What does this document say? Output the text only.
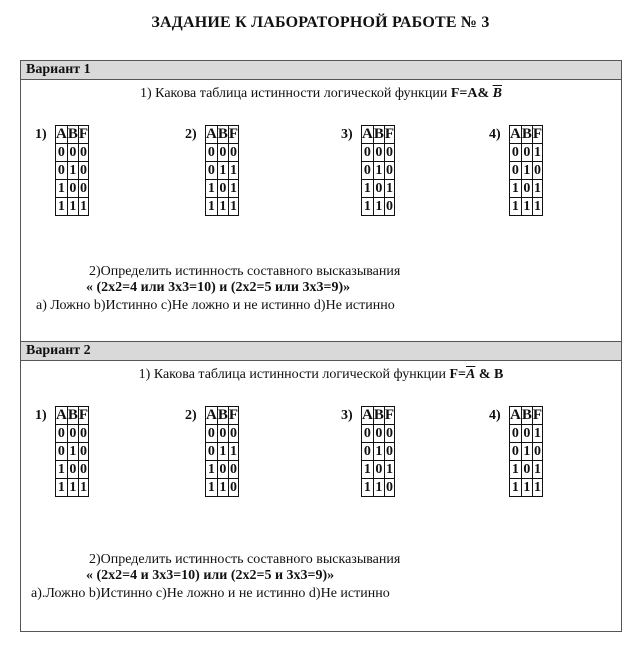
ЗАДАНИЕ К ЛАБОРАТОРНОЙ РАБОТЕ № 3
Вариант 1
1) Какова таблица истинности логической функции F=A& $\overline{B}$
1) A	B	F
0	0	0
0	1	0
1	0	0
1	1	1
2) A	B	F
0	0	0
0	1	1
1	0	1
1	1	1
3) A	B	F
0	0	0
0	1	0
1	0	1
1	1	0
4) A	B	F
0	0	1
0	1	0
1	0	1
1	1	1
2)Определить истинность составного высказывания
« (2x2=4 или 3x3=10) и (2x2=5 или 3x3=9)»
а) Ложно b)Истинно c)Не ложно и не истинно d)Не истинно
Вариант 2
1) Какова таблица истинности логической функции $F=\overline{A}$ & B
1) A	B	F
0	0	0
0	1	0
1	0	0
1	1	1
2) A	B	F
0	0	0
0	1	1
1	0	0
1	1	0
3) A	B	F
0	0	0
0	1	0
1	0	1
1	1	0
4) A	B	F
0	0	1
0	1	0
1	0	1
1	1	1
2)Определить истинность составного высказывания
« (2x2=4 и 3x3=10) или (2x2=5 и 3x3=9)»
а).Ложно b)Истинно c)Не ложно и не истинно d)Не истинно
